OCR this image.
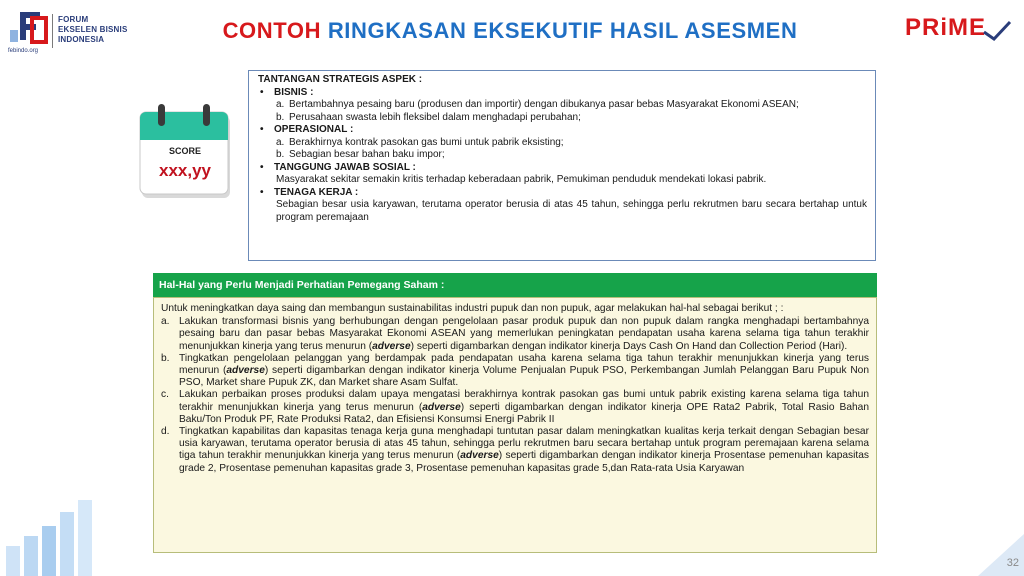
febindo.org
FORUM
EKSELEN BISNIS
INDONESIA	CONTOH RINGKASAN EKSEKUTIF HASIL ASESMEN	PRiME
SCORE
xxx,yy
TANTANGAN STRATEGIS ASPEK :
•	BISNIS :
a. Bertambahnya pesaing baru (produsen dan importir) dengan dibukanya pasar bebas Masyarakat Ekonomi ASEAN;
b. Perusahaan swasta lebih fleksibel dalam menghadapi perubahan;
•	OPERASIONAL :
a. Berakhirnya kontrak pasokan gas bumi untuk pabrik eksisting;
b. Sebagian besar bahan baku impor;
•	TANGGUNG JAWAB SOSIAL :
Masyarakat sekitar semakin kritis terhadap keberadaan pabrik, Pemukiman penduduk mendekati lokasi pabrik.
•	TENAGA KERJA :
Sebagian besar usia karyawan, terutama operator berusia di atas 45 tahun, sehingga perlu rekrutmen baru secara bertahap untuk program peremajaan
Hal-Hal yang Perlu Menjadi Perhatian Pemegang Saham :
Untuk meningkatkan daya saing dan membangun sustainabilitas industri pupuk dan non pupuk, agar melakukan hal-hal sebagai berikut ; :
a. Lakukan transformasi bisnis yang berhubungan dengan pengelolaan pasar produk pupuk dan non pupuk dalam rangka menghadapi bertambahnya pesaing baru dan pasar bebas Masyarakat Ekonomi ASEAN yang memerlukan peningkatan pendapatan usaha karena selama tiga tahun terakhir menunjukkan kinerja yang terus menurun (adverse) seperti digambarkan dengan indikator kinerja Days Cash On Hand dan Collection Period (Hari).
b. Tingkatkan pengelolaan pelanggan yang berdampak pada pendapatan usaha karena selama tiga tahun terakhir menunjukkan kinerja yang terus menurun (adverse) seperti digambarkan dengan indikator kinerja Volume Penjualan Pupuk PSO, Perkembangan Jumlah Pelanggan Baru Pupuk Non PSO, Market share Pupuk ZK, dan Market share Asam Sulfat.
c. Lakukan perbaikan proses produksi dalam upaya mengatasi berakhirnya kontrak pasokan gas bumi untuk pabrik existing karena selama tiga tahun terakhir menunjukkan kinerja yang terus menurun (adverse) seperti digambarkan dengan indikator kinerja OPE Rata2 Pabrik, Total Rasio Bahan Baku/Ton Produk PF, Rate Produksi Rata2, dan Efisiensi Konsumsi Energi Pabrik II
d. Tingkatkan kapabilitas dan kapasitas tenaga kerja guna menghadapi tuntutan pasar dalam meningkatkan kualitas kerja terkait dengan Sebagian besar usia karyawan, terutama operator berusia di atas 45 tahun, sehingga perlu rekrutmen baru secara bertahap untuk program peremajaan karena selama tiga tahun terakhir menunjukkan kinerja yang terus menurun (adverse) seperti digambarkan dengan indikator kinerja Prosentase pemenuhan kapasitas grade 2, Prosentase pemenuhan kapasitas grade 3, Prosentase pemenuhan kapasitas grade 5,dan Rata-rata Usia Karyawan
32
